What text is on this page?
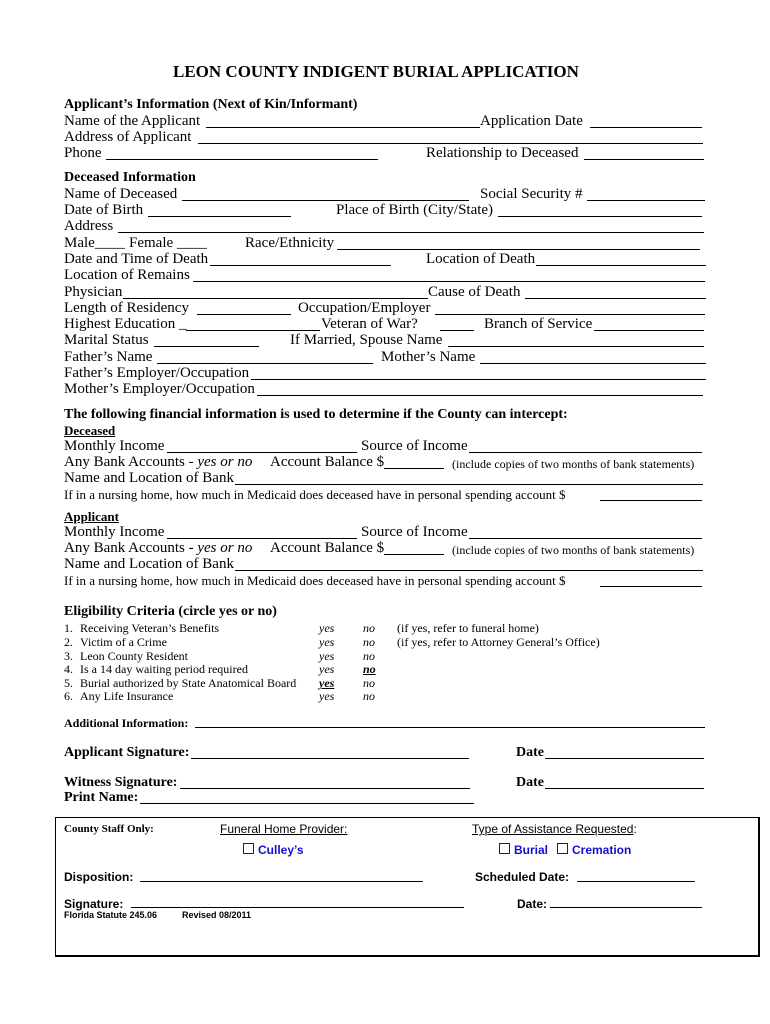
LEON COUNTY INDIGENT BURIAL APPLICATION
Applicant’s Information (Next of Kin/Informant)
Name of the Applicant	Application Date
Address of Applicant
Phone	Relationship to Deceased
Deceased Information
Name of Deceased	Social Security #
Date of Birth	Place of Birth (City/State)
Address
Male____ Female ____	Race/Ethnicity
Date and Time of Death	Location of Death
Location of Remains
Physician	Cause of Death
Length of Residency	Occupation/Employer
Highest Education _	Veteran of War?	Branch of Service
Marital Status	If Married, Spouse Name
Father’s Name	Mother’s Name
Father’s Employer/Occupation
Mother’s Employer/Occupation
The following financial information is used to determine if the County can intercept:
Deceased
Monthly Income	Source of Income
Any Bank Accounts - yes or no Account Balance $	(include copies of two months of bank statements)
Name and Location of Bank
If in a nursing home, how much in Medicaid does deceased have in personal spending account $
Applicant
Monthly Income	Source of Income
Any Bank Accounts - yes or no Account Balance $	(include copies of two months of bank statements)
Name and Location of Bank
If in a nursing home, how much in Medicaid does deceased have in personal spending account $
Eligibility Criteria (circle yes or no)
1. Receiving Veteran’s Benefits	yes no (if yes, refer to funeral home)
2. Victim of a Crime	yes no (if yes, refer to Attorney General’s Office)
3. Leon County Resident	yes no
4. Is a 14 day waiting period required	yes no
5. Burial authorized by State Anatomical Board yes no
6. Any Life Insurance	yes no
Additional Information:
Applicant Signature:	Date
Witness Signature:	Date
Print Name:
County Staff Only:	Funeral Home Provider:	Type of Assistance Requested:
Culley’s	Burial	Cremation
Disposition:	Scheduled Date:
Signature:	Date:
Florida Statute 245.06	Revised 08/2011
